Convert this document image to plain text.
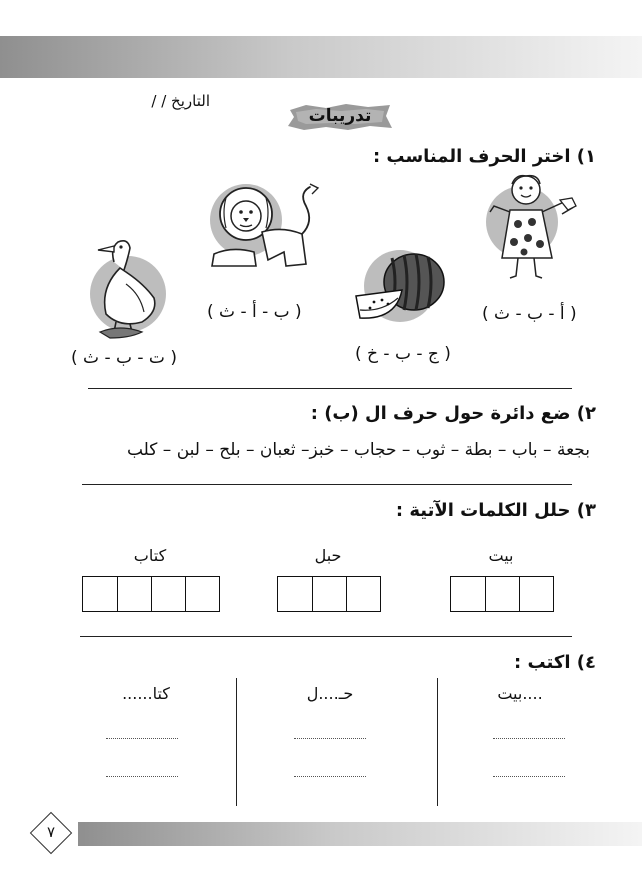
٧
التاريخ / /
تدريبات
١) اختر الحرف المناسب :
( أ - ب - ث )
( ج - ب - خ )
( ب - أ - ث )
( ت - ب - ث )
٢) ضع دائرة حول حرف ال (ب) :
بجعة – باب – بطة – ثوب – حجاب – خبز– ثعبان – بلح – لبن – كلب
٣) حلل الكلمات الآتية :
بيت
حبل
كتاب
٤) اكتب :
....بيت
حـ....ل
كتا......
